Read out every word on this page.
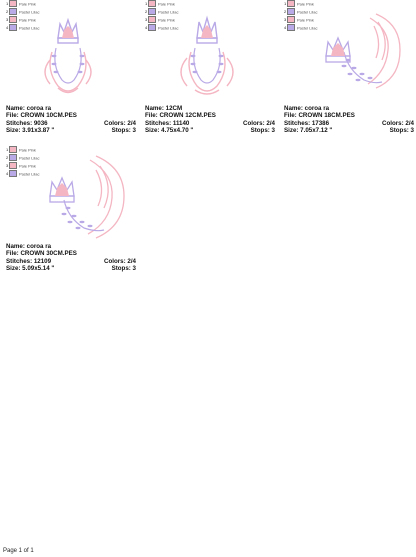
1	Pale Pink
2	Pastel Lilac
3	Pale Pink
4	Pastel Lilac
Name: coroa ra
File: CROWN 10CM.PES
Stitches: 9036	Colors: 2/4
Size: 3.91x3.87 "	Stops: 3
1	Pale Pink
2	Pastel Lilac
3	Pale Pink
4	Pastel Lilac
Name: 12CM
File: CROWN 12CM.PES
Stitches: 11140	Colors: 2/4
Size: 4.75x4.70 "	Stops: 3
1	Pale Pink
2	Pastel Lilac
3	Pale Pink
4	Pastel Lilac
Name: coroa ra
File: CROWN 18CM.PES
Stitches: 17386	Colors: 2/4
Size: 7.05x7.12 "	Stops: 3
1	Pale Pink
2	Pastel Lilac
3	Pale Pink
4	Pastel Lilac
Name: coroa ra
File: CROWN 30CM.PES
Stitches: 12109	Colors: 2/4
Size: 5.09x5.14 "	Stops: 3
Page 1 of 1
